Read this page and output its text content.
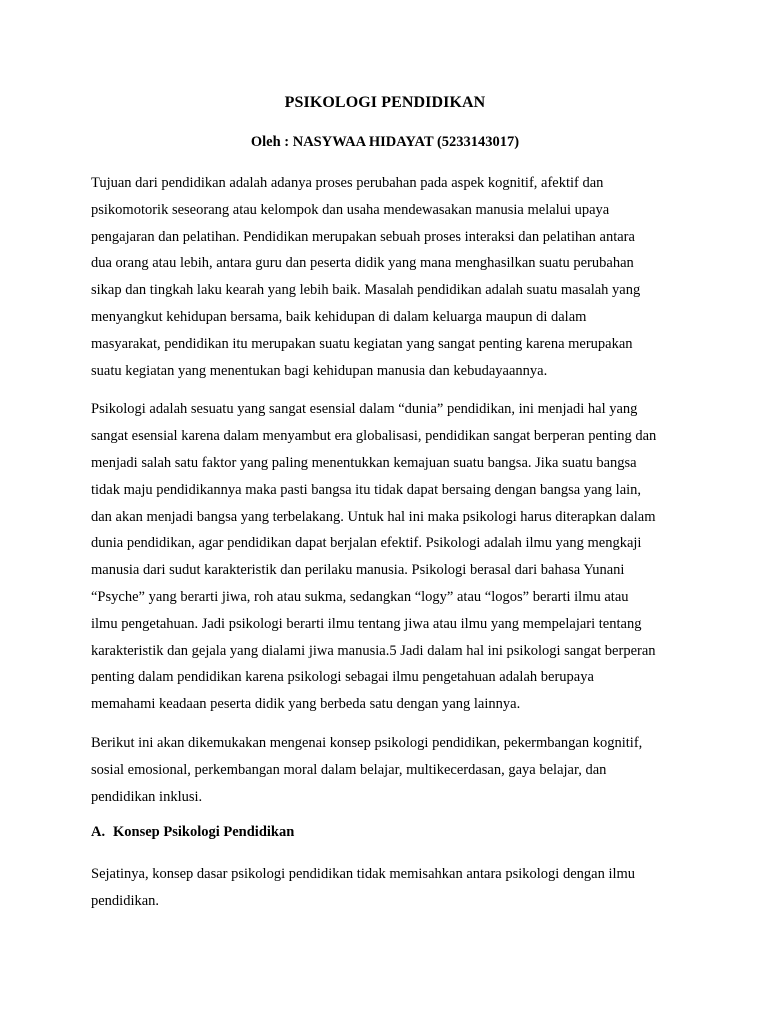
PSIKOLOGI PENDIDIKAN
Oleh : NASYWAA HIDAYAT (5233143017)
Tujuan dari pendidikan adalah adanya proses perubahan pada aspek kognitif, afektif dan
psikomotorik seseorang atau kelompok dan usaha mendewasakan manusia melalui upaya
pengajaran dan pelatihan. Pendidikan merupakan sebuah proses interaksi dan pelatihan antara
dua orang atau lebih, antara guru dan peserta didik yang mana menghasilkan suatu perubahan
sikap dan tingkah laku kearah yang lebih baik. Masalah pendidikan adalah suatu masalah yang
menyangkut kehidupan bersama, baik kehidupan di dalam keluarga maupun di dalam
masyarakat, pendidikan itu merupakan suatu kegiatan yang sangat penting karena merupakan
suatu kegiatan yang menentukan bagi kehidupan manusia dan kebudayaannya.
Psikologi adalah sesuatu yang sangat esensial dalam “dunia” pendidikan, ini menjadi hal yang
sangat esensial karena dalam menyambut era globalisasi, pendidikan sangat berperan penting dan
menjadi salah satu faktor yang paling menentukkan kemajuan suatu bangsa. Jika suatu bangsa
tidak maju pendidikannya maka pasti bangsa itu tidak dapat bersaing dengan bangsa yang lain,
dan akan menjadi bangsa yang terbelakang. Untuk hal ini maka psikologi harus diterapkan dalam
dunia pendidikan, agar pendidikan dapat berjalan efektif. Psikologi adalah ilmu yang mengkaji
manusia dari sudut karakteristik dan perilaku manusia. Psikologi berasal dari bahasa Yunani
“Psyche” yang berarti jiwa, roh atau sukma, sedangkan “logy” atau “logos” berarti ilmu atau
ilmu pengetahuan. Jadi psikologi berarti ilmu tentang jiwa atau ilmu yang mempelajari tentang
karakteristik dan gejala yang dialami jiwa manusia.5 Jadi dalam hal ini psikologi sangat berperan
penting dalam pendidikan karena psikologi sebagai ilmu pengetahuan adalah berupaya
memahami keadaan peserta didik yang berbeda satu dengan yang lainnya.
Berikut ini akan dikemukakan mengenai konsep psikologi pendidikan, pekermbangan kognitif,
sosial emosional, perkembangan moral dalam belajar, multikecerdasan, gaya belajar, dan
pendidikan inklusi.
A. Konsep Psikologi Pendidikan
Sejatinya, konsep dasar psikologi pendidikan tidak memisahkan antara psikologi dengan ilmu
pendidikan.
